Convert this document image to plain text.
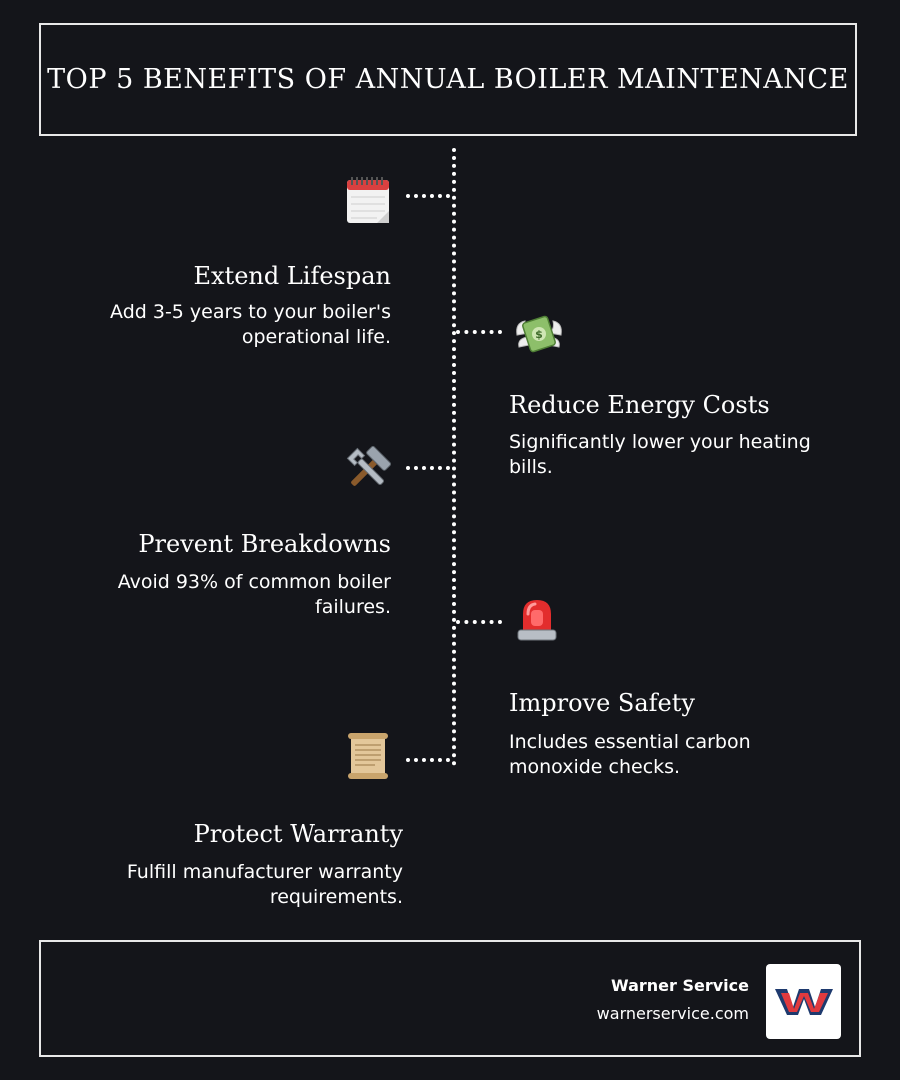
TOP 5 BENEFITS OF ANNUAL BOILER MAINTENANCE
Extend Lifespan
Add 3-5 years to your boiler's operational life.	$
Reduce Energy Costs
Significantly lower your heating bills.
Prevent Breakdowns
Avoid 93% of common boiler failures.
Improve Safety
Includes essential carbon monoxide checks.
Protect Warranty
Fulfill manufacturer warranty requirements.
Warner Service
warnerservice.com
